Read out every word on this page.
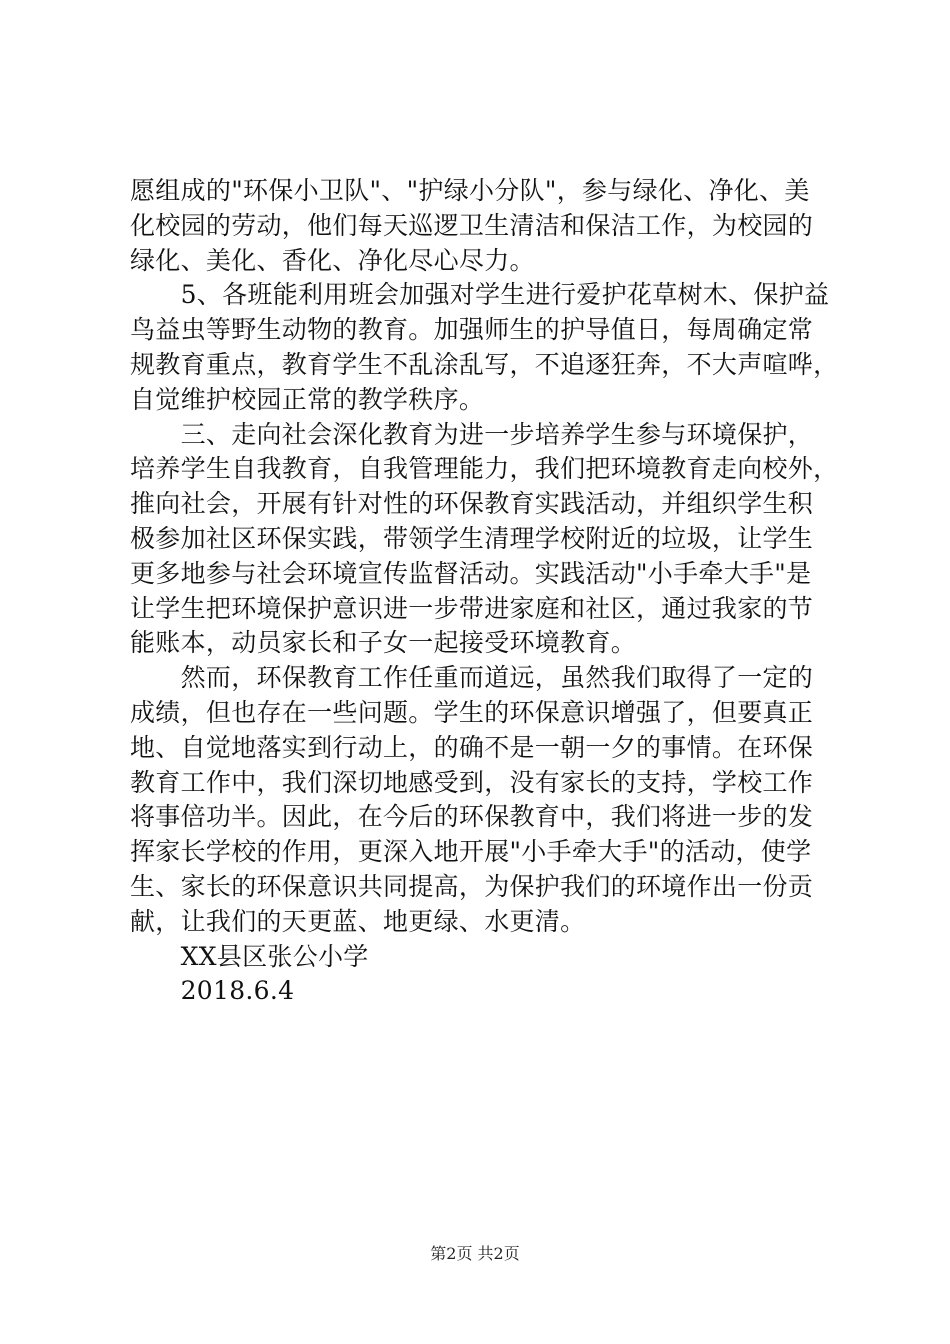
愿组成的"环保小卫队"、"护绿小分队"，参与绿化、净化、美
化校园的劳动，他们每天巡逻卫生清洁和保洁工作，为校园的
绿化、美化、香化、净化尽心尽力。
　　5、各班能利用班会加强对学生进行爱护花草树木、保护益
鸟益虫等野生动物的教育。加强师生的护导值日，每周确定常
规教育重点，教育学生不乱涂乱写，不追逐狂奔，不大声喧哗，
自觉维护校园正常的教学秩序。
　　三、走向社会深化教育为进一步培养学生参与环境保护，
培养学生自我教育，自我管理能力，我们把环境教育走向校外，
推向社会，开展有针对性的环保教育实践活动，并组织学生积
极参加社区环保实践，带领学生清理学校附近的垃圾，让学生
更多地参与社会环境宣传监督活动。实践活动"小手牵大手"是
让学生把环境保护意识进一步带进家庭和社区，通过我家的节
能账本，动员家长和子女一起接受环境教育。
　　然而，环保教育工作任重而道远，虽然我们取得了一定的
成绩，但也存在一些问题。学生的环保意识增强了，但要真正
地、自觉地落实到行动上，的确不是一朝一夕的事情。在环保
教育工作中，我们深切地感受到，没有家长的支持，学校工作
将事倍功半。因此，在今后的环保教育中，我们将进一步的发
挥家长学校的作用，更深入地开展"小手牵大手"的活动，使学
生、家长的环保意识共同提高，为保护我们的环境作出一份贡
献，让我们的天更蓝、地更绿、水更清。
　　XX县区张公小学
　　2018.6.4
第2页 共2页
